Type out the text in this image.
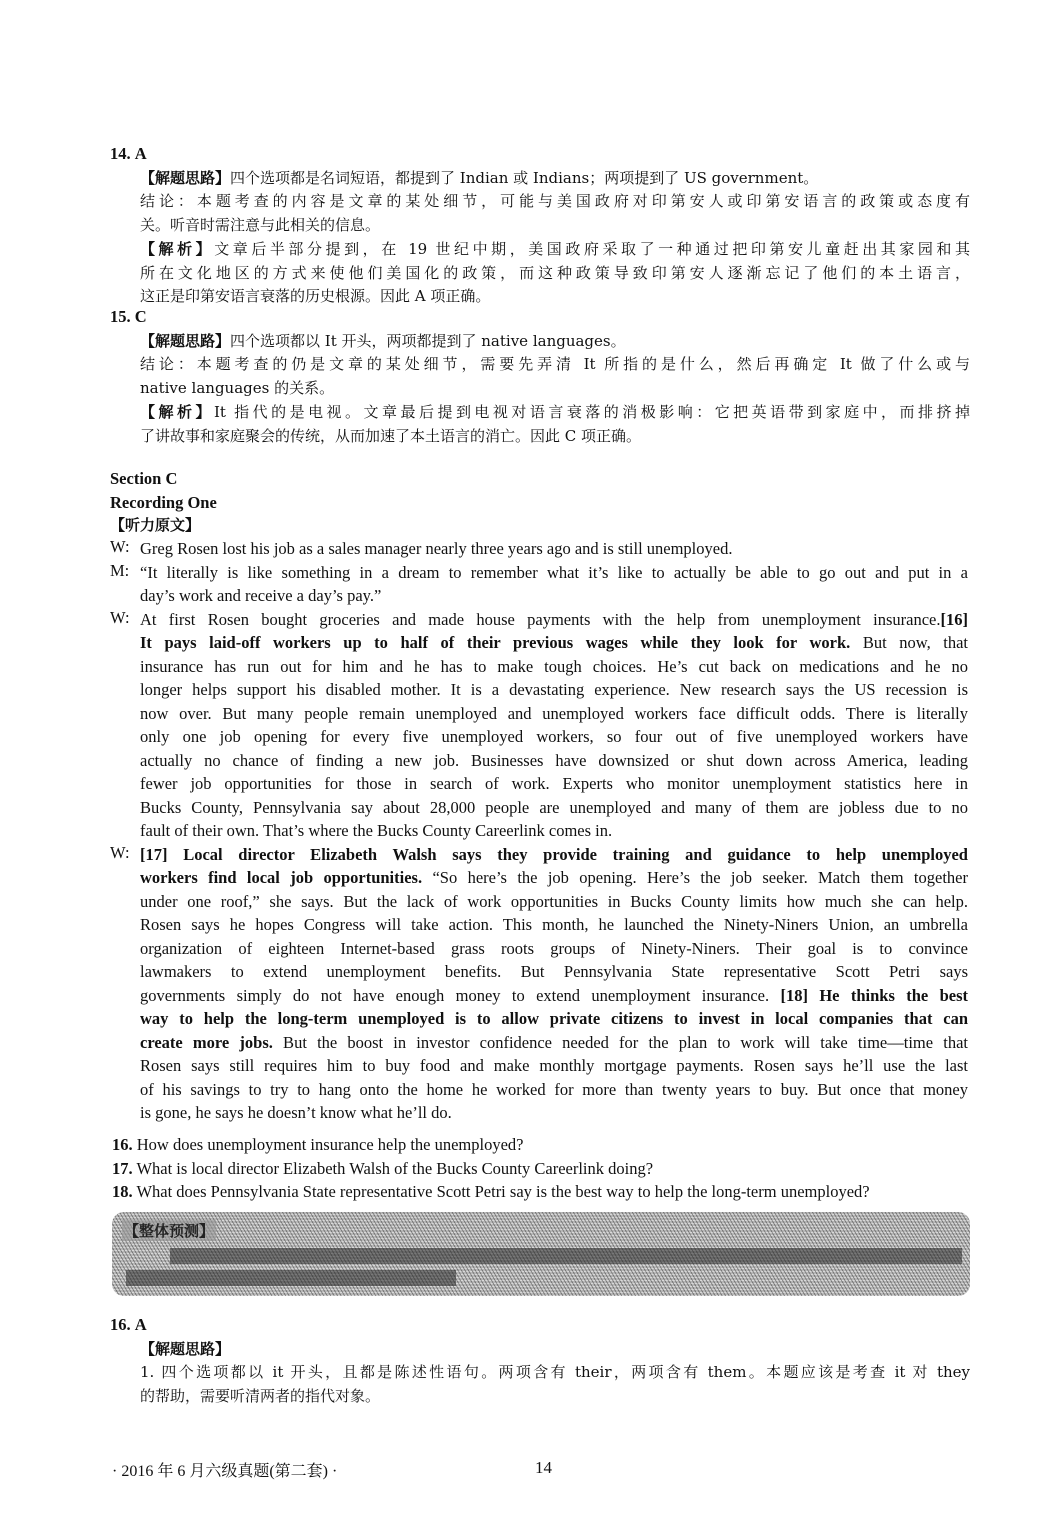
14. A
【解题思路】四个选项都是名词短语，都提到了 Indian 或 Indians；两项提到了 US government。
结论：本题考查的内容是文章的某处细节，可能与美国政府对印第安人或印第安语言的政策或态度有
关。听音时需注意与此相关的信息。
【解析】文章后半部分提到，在 19 世纪中期，美国政府采取了一种通过把印第安儿童赶出其家园和其
所在文化地区的方式来使他们美国化的政策，而这种政策导致印第安人逐渐忘记了他们的本土语言，
这正是印第安语言衰落的历史根源。因此 A 项正确。
15. C
【解题思路】四个选项都以 It 开头，两项都提到了 native languages。
结论：本题考查的仍是文章的某处细节，需要先弄清 It 所指的是什么，然后再确定 It 做了什么或与
native languages 的关系。
【解析】It 指代的是电视。文章最后提到电视对语言衰落的消极影响：它把英语带到家庭中，而排挤掉
了讲故事和家庭聚会的传统，从而加速了本土语言的消亡。因此 C 项正确。
Section C
Recording One
【听力原文】
W: Greg Rosen lost his job as a sales manager nearly three years ago and is still unemployed.
M: “It literally is like something in a dream to remember what it’s like to actually be able to go out and put in a
day’s work and receive a day’s pay.”
W: At first Rosen bought groceries and made house payments with the help from unemployment insurance.[16]
It pays laid-off workers up to half of their previous wages while they look for work. But now, that
insurance has run out for him and he has to make tough choices. He’s cut back on medications and he no
longer helps support his disabled mother. It is a devastating experience. New research says the US recession is
now over. But many people remain unemployed and unemployed workers face difficult odds. There is literally
only one job opening for every five unemployed workers, so four out of five unemployed workers have
actually no chance of finding a new job. Businesses have downsized or shut down across America, leading
fewer job opportunities for those in search of work. Experts who monitor unemployment statistics here in
Bucks County, Pennsylvania say about 28,000 people are unemployed and many of them are jobless due to no
fault of their own. That’s where the Bucks County Careerlink comes in.
W: [17] Local director Elizabeth Walsh says they provide training and guidance to help unemployed
workers find local job opportunities. “So here’s the job opening. Here’s the job seeker. Match them together
under one roof,” she says. But the lack of work opportunities in Bucks County limits how much she can help.
Rosen says he hopes Congress will take action. This month, he launched the Ninety-Niners Union, an umbrella
organization of eighteen Internet-based grass roots groups of Ninety-Niners. Their goal is to convince
lawmakers to extend unemployment benefits. But Pennsylvania State representative Scott Petri says
governments simply do not have enough money to extend unemployment insurance. [18] He thinks the best
way to help the long-term unemployed is to allow private citizens to invest in local companies that can
create more jobs. But the boost in investor confidence needed for the plan to work will take time—time that
Rosen says still requires him to buy food and make monthly mortgage payments. Rosen says he’ll use the last
of his savings to try to hang onto the home he worked for more than twenty years to buy. But once that money
is gone, he says he doesn’t know what he’ll do.
16. How does unemployment insurance help the unemployed?
17. What is local director Elizabeth Walsh of the Bucks County Careerlink doing?
18. What does Pennsylvania State representative Scott Petri say is the best way to help the long-term unemployed?
【整体预测】
16. A
【解题思路】
1. 四个选项都以 it 开头，且都是陈述性语句。两项含有 their，两项含有 them。本题应该是考查 it 对 they
的帮助，需要听清两者的指代对象。
· 2016 年 6 月六级真题(第二套) ·	14
